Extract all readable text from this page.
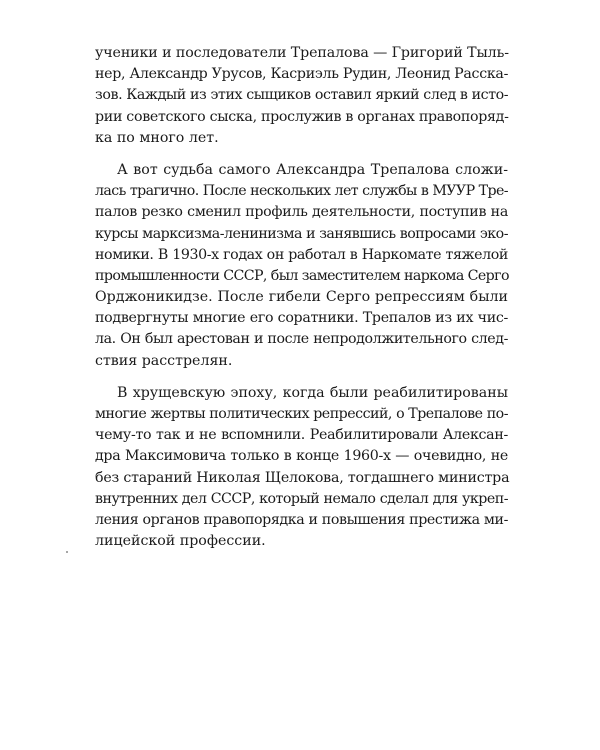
ученики и последователи Трепалова — Григорий Тыль-
нер, Александр Урусов, Касриэль Рудин, Леонид Расска-
зов. Каждый из этих сыщиков оставил яркий след в исто-
рии советского сыска, прослужив в органах правопоряд-
ка по много лет.
А вот судьба самого Александра Трепалова сложи-
лась трагично. После нескольких лет службы в МУУР Тре-
палов резко сменил профиль деятельности, поступив на
курсы марксизма-ленинизма и занявшись вопросами эко-
номики. В 1930-х годах он работал в Наркомате тяжелой
промышленности СССР, был заместителем наркома Серго
Орджоникидзе. После гибели Серго репрессиям были
подвергнуты многие его соратники. Трепалов из их чис-
ла. Он был арестован и после непродолжительного след-
ствия расстрелян.
В хрущевскую эпоху, когда были реабилитированы
многие жертвы политических репрессий, о Трепалове по-
чему-то так и не вспомнили. Реабилитировали Алексан-
дра Максимовича только в конце 1960-х — очевидно, не
без стараний Николая Щелокова, тогдашнего министра
внутренних дел СССР, который немало сделал для укреп-
ления органов правопорядка и повышения престижа ми-
лицейской профессии.
